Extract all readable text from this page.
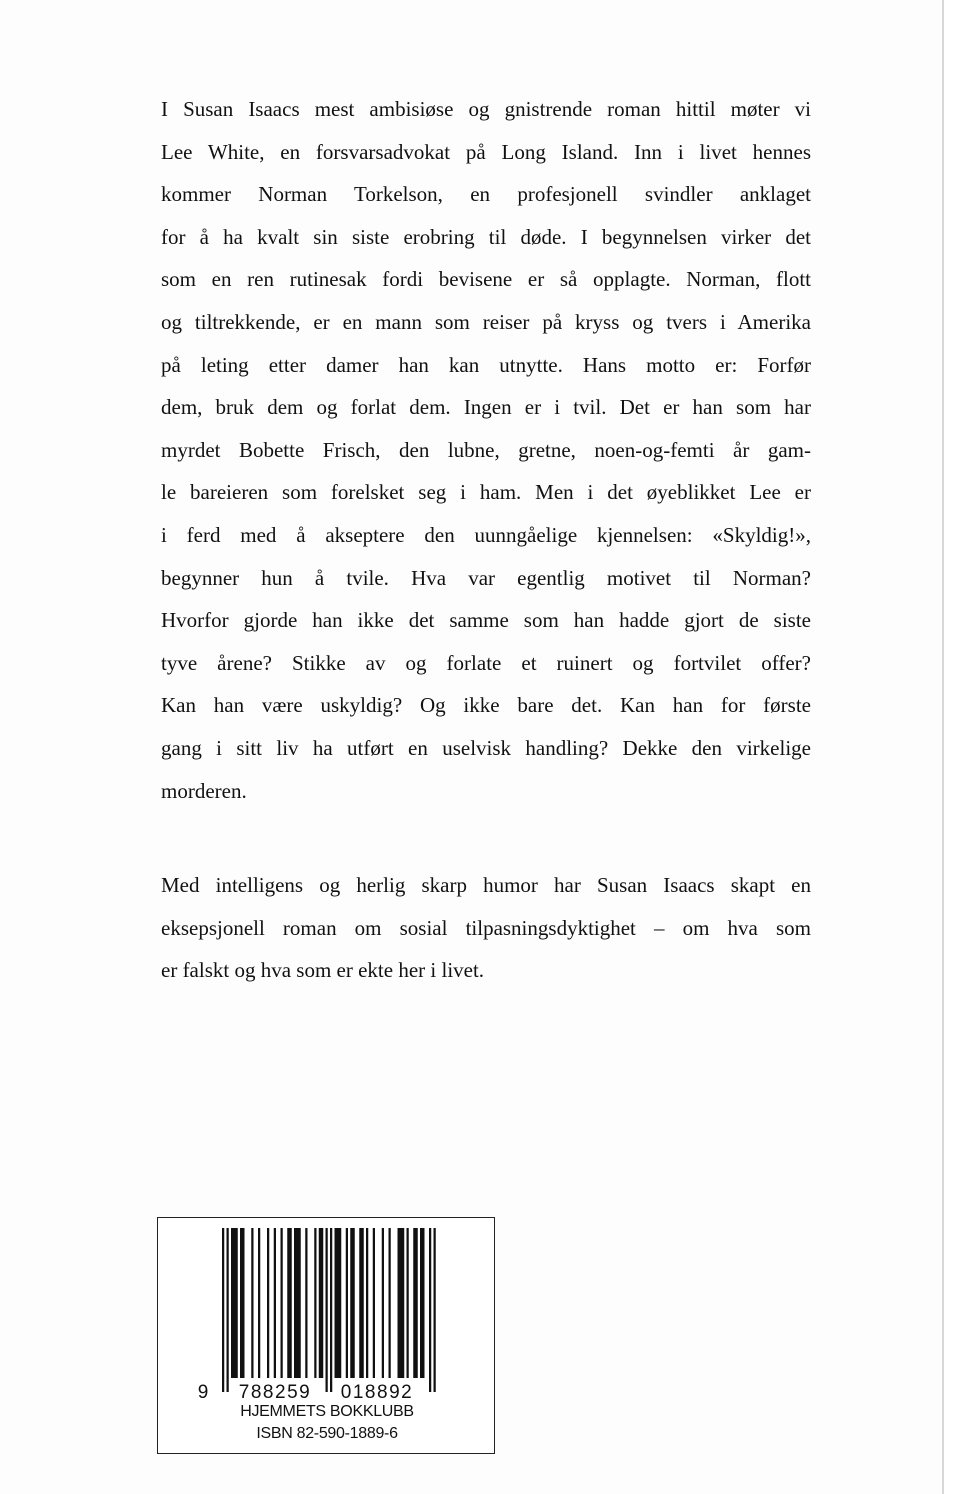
I Susan Isaacs mest ambisiøse og gnistrende roman hittil møter vi
Lee White, en forsvarsadvokat på Long Island. Inn i livet hennes
kommer Norman Torkelson, en profesjonell svindler anklaget
for å ha kvalt sin siste erobring til døde. I begynnelsen virker det
som en ren rutinesak fordi bevisene er så opplagte. Norman, flott
og tiltrekkende, er en mann som reiser på kryss og tvers i Amerika
på leting etter damer han kan utnytte. Hans motto er: Forfør
dem, bruk dem og forlat dem. Ingen er i tvil. Det er han som har
myrdet Bobette Frisch, den lubne, gretne, noen-og-femti år gam-
le bareieren som forelsket seg i ham. Men i det øyeblikket Lee er
i ferd med å akseptere den uunngåelige kjennelsen: «Skyldig!»,
begynner hun å tvile. Hva var egentlig motivet til Norman?
Hvorfor gjorde han ikke det samme som han hadde gjort de siste
tyve årene? Stikke av og forlate et ruinert og fortvilet offer?
Kan han være uskyldig? Og ikke bare det. Kan han for første
gang i sitt liv ha utført en uselvisk handling? Dekke den virkelige
morderen.
Med intelligens og herlig skarp humor har Susan Isaacs skapt en
eksepsjonell roman om sosial tilpasningsdyktighet – om hva som
er falskt og hva som er ekte her i livet.
9 788259 018892
HJEMMETS BOKKLUBB
ISBN 82-590-1889-6
